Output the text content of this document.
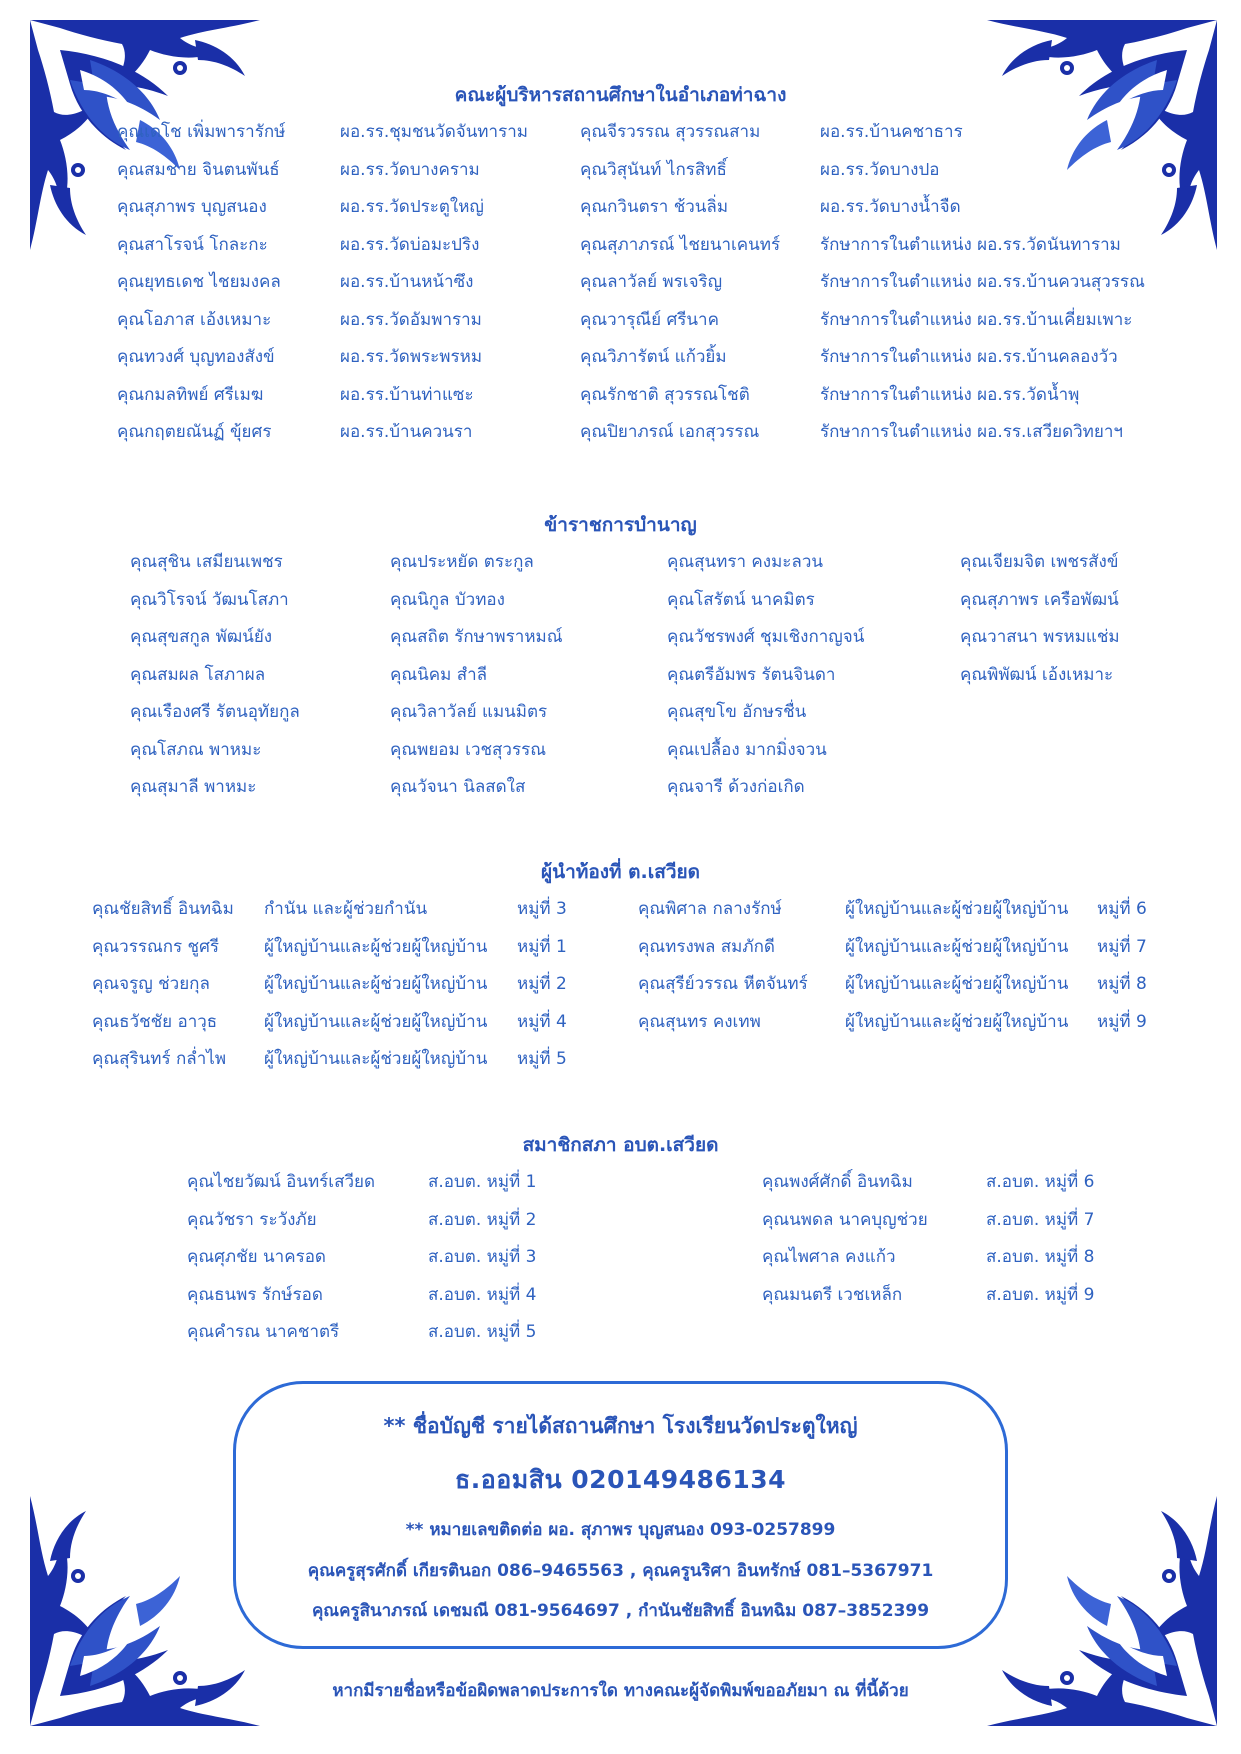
คณะผู้บริหารสถานศึกษาในอำเภอท่าฉาง
คุณเดโช เพิ่มพารารักษ์	ผอ.รร.ชุมชนวัดจันทาราม	คุณจีรวรรณ สุวรรณสาม	ผอ.รร.บ้านคชาธาร
คุณสมชาย จินตนพันธ์	ผอ.รร.วัดบางคราม	คุณวิสุนันท์ ไกรสิทธิ์	ผอ.รร.วัดบางปอ
คุณสุภาพร บุญสนอง	ผอ.รร.วัดประตูใหญ่	คุณกวินตรา ช้วนลิ่ม	ผอ.รร.วัดบางน้ำจืด
คุณสาโรจน์ โกละกะ	ผอ.รร.วัดบ่อมะปริง	คุณสุภาภรณ์ ไชยนาเคนทร์ รักษาการในตำแหน่ง ผอ.รร.วัดนันทาราม
คุณยุทธเดช ไชยมงคล	ผอ.รร.บ้านหน้าซึง	คุณลาวัลย์ พรเจริญ	รักษาการในตำแหน่ง ผอ.รร.บ้านควนสุวรรณ
คุณโอภาส เอ้งเหมาะ	ผอ.รร.วัดอัมพาราม	คุณวารุณีย์ ศรีนาค	รักษาการในตำแหน่ง ผอ.รร.บ้านเคี่ยมเพาะ
คุณทวงศ์ บุญทองสังข์	ผอ.รร.วัดพระพรหม	คุณวิภารัตน์ แก้วยิ้ม	รักษาการในตำแหน่ง ผอ.รร.บ้านคลองวัว
คุณกมลทิพย์ ศรีเมฆ	ผอ.รร.บ้านท่าแซะ	คุณรักชาติ สุวรรณโชติ	รักษาการในตำแหน่ง ผอ.รร.วัดน้ำพุ
คุณกฤตยณันฏ์ ขุ้ยศร	ผอ.รร.บ้านควนรา	คุณปิยาภรณ์ เอกสุวรรณ	รักษาการในตำแหน่ง ผอ.รร.เสวียดวิทยาฯ
ข้าราชการบำนาญ
คุณสุชิน เสมียนเพชร	คุณประหยัด ตระกูล	คุณสุนทรา คงมะลวน	คุณเจียมจิต เพชรสังข์
คุณวิโรจน์ วัฒนโสภา	คุณนิกูล บัวทอง	คุณโสรัตน์ นาคมิตร	คุณสุภาพร เครือพัฒน์
คุณสุขสกูล พัฒน์ยัง	คุณสถิต รักษาพราหมณ์	คุณวัชรพงศ์ ชุมเชิงกาญจน์	คุณวาสนา พรหมแช่ม
คุณสมผล โสภาผล	คุณนิคม สำลี	คุณตรีอัมพร รัตนจินดา	คุณพิพัฒน์ เอ้งเหมาะ
คุณเรืองศรี รัตนอุทัยกูล	คุณวิลาวัลย์ แมนมิตร	คุณสุขโข อักษรชื่น
คุณโสภณ พาหมะ	คุณพยอม เวชสุวรรณ	คุณเปลื้อง มากมิ่งจวน
คุณสุมาลี พาหมะ	คุณวัจนา นิลสดใส	คุณจารี ด้วงก่อเกิด
ผู้นำท้องที่ ต.เสวียด
คุณชัยสิทธิ์ อินทฉิม กำนัน และผู้ช่วยกำนัน	หมู่ที่ 3	คุณพิศาล กลางรักษ์	ผู้ใหญ่บ้านและผู้ช่วยผู้ใหญ่บ้าน หมู่ที่ 6
คุณวรรณกร ชูศรี	ผู้ใหญ่บ้านและผู้ช่วยผู้ใหญ่บ้าน หมู่ที่ 1	คุณทรงพล สมภักดี	ผู้ใหญ่บ้านและผู้ช่วยผู้ใหญ่บ้าน หมู่ที่ 7
คุณจรูญ ช่วยกุล	ผู้ใหญ่บ้านและผู้ช่วยผู้ใหญ่บ้าน หมู่ที่ 2	คุณสุรีย์วรรณ หีตจันทร์ ผู้ใหญ่บ้านและผู้ช่วยผู้ใหญ่บ้าน หมู่ที่ 8
คุณธวัชชัย อาวุธ	ผู้ใหญ่บ้านและผู้ช่วยผู้ใหญ่บ้าน หมู่ที่ 4	คุณสุนทร คงเทพ	ผู้ใหญ่บ้านและผู้ช่วยผู้ใหญ่บ้าน หมู่ที่ 9
คุณสุรินทร์ กล่ำไพ ผู้ใหญ่บ้านและผู้ช่วยผู้ใหญ่บ้าน หมู่ที่ 5
สมาชิกสภา อบต.เสวียด
คุณไชยวัฒน์ อินทร์เสวียด	ส.อบต. หมู่ที่ 1	คุณพงศ์ศักดิ์ อินทฉิม	ส.อบต. หมู่ที่ 6
คุณวัชรา ระวังภัย	ส.อบต. หมู่ที่ 2	คุณนพดล นาคบุญช่วย	ส.อบต. หมู่ที่ 7
คุณศุภชัย นาครอด	ส.อบต. หมู่ที่ 3	คุณไพศาล คงแก้ว	ส.อบต. หมู่ที่ 8
คุณธนพร รักษ์รอด	ส.อบต. หมู่ที่ 4	คุณมนตรี เวชเหล็ก	ส.อบต. หมู่ที่ 9
คุณคำรณ นาคชาตรี	ส.อบต. หมู่ที่ 5
** ชื่อบัญชี รายได้สถานศึกษา โรงเรียนวัดประตูใหญ่
ธ.ออมสิน 020149486134
** หมายเลขติดต่อ ผอ. สุภาพร บุญสนอง 093-0257899
คุณครูสุรศักดิ์ เกียรตินอก 086–9465563 , คุณครูนริศา อินทรักษ์ 081–5367971
คุณครูสินาภรณ์ เดชมณี 081-9564697 , กำนันชัยสิทธิ์ อินทฉิม 087–3852399
หากมีรายชื่อหรือข้อผิดพลาดประการใด ทางคณะผู้จัดพิมพ์ขออภัยมา ณ ที่นี้ด้วย
